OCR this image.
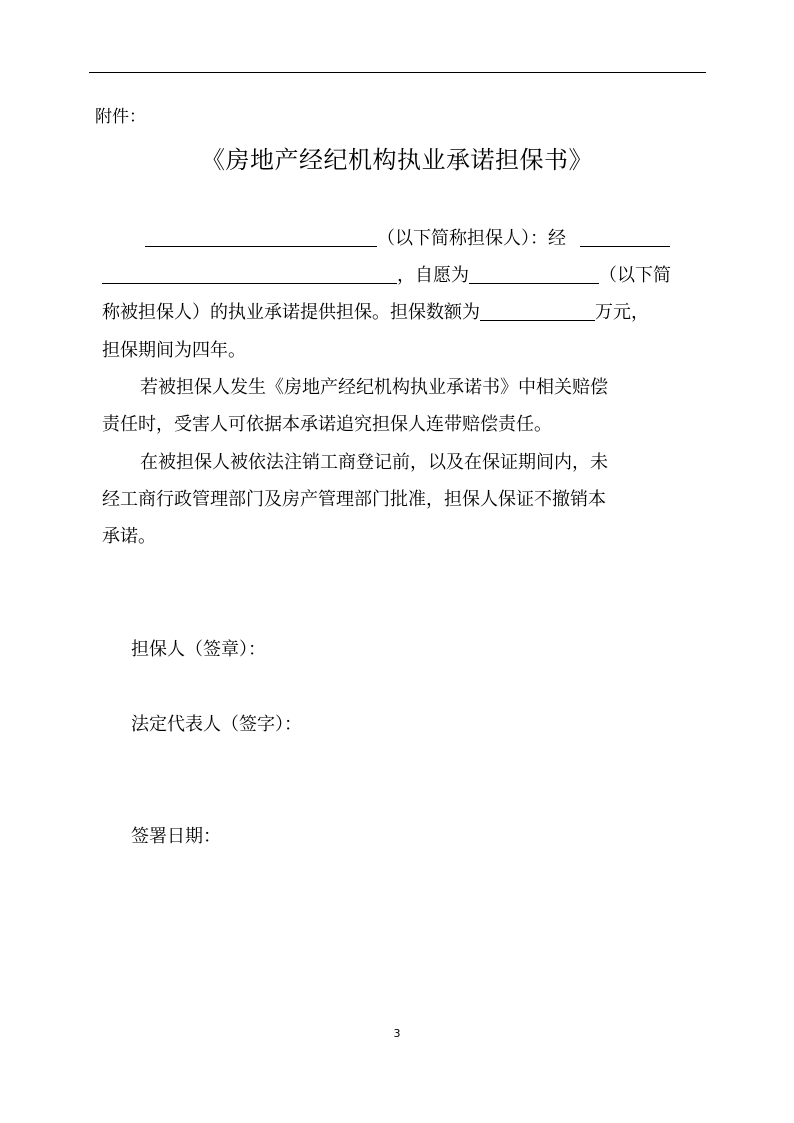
附件：
《房地产经纪机构执业承诺担保书》
（以下简称担保人）：经
，自愿为	（以下简
称被担保人）的执业承诺提供担保。担保数额为	万元，
担保期间为四年。
若被担保人发生《房地产经纪机构执业承诺书》中相关赔偿
责任时，受害人可依据本承诺追究担保人连带赔偿责任。
在被担保人被依法注销工商登记前，以及在保证期间内，未
经工商行政管理部门及房产管理部门批准，担保人保证不撤销本
承诺。
担保人（签章）：
法定代表人（签字）：
签署日期：
3
